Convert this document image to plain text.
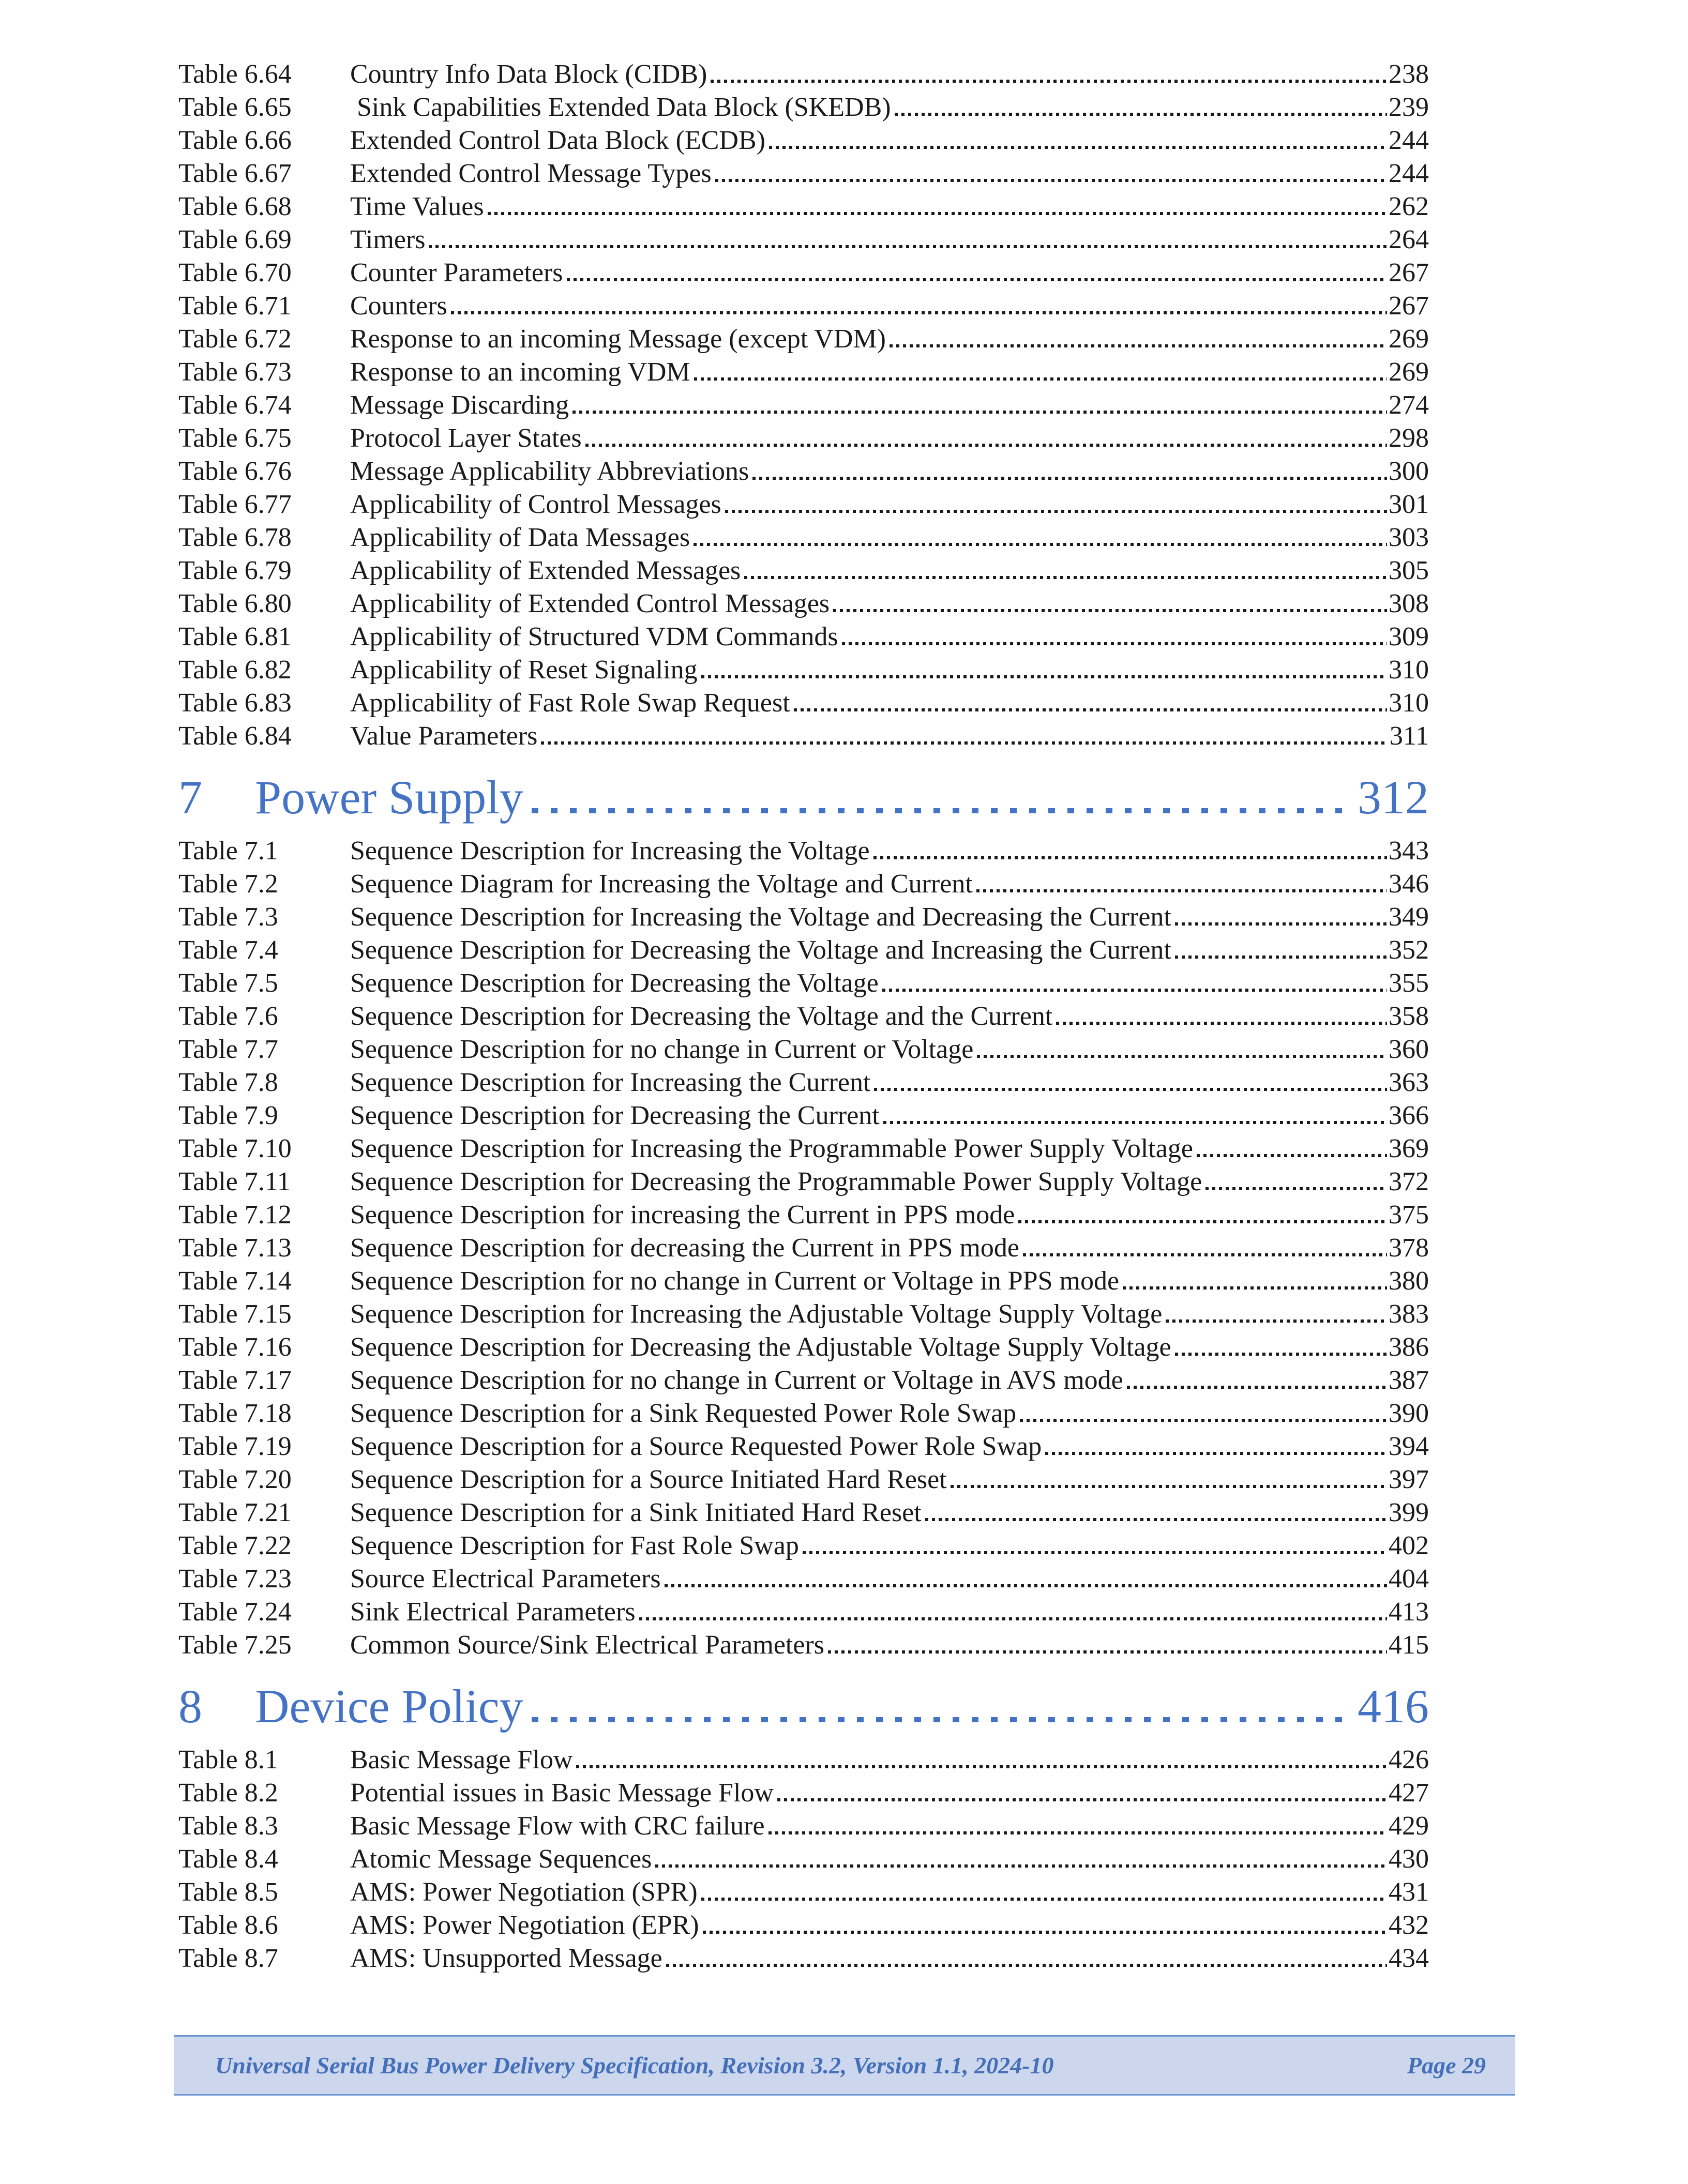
Table 6.64	Country Info Data Block (CIDB)	238
Table 6.65	Sink Capabilities Extended Data Block (SKEDB)	239
Table 6.66	Extended Control Data Block (ECDB)	244
Table 6.67	Extended Control Message Types	244
Table 6.68	Time Values	262
Table 6.69	Timers	264
Table 6.70	Counter Parameters	267
Table 6.71	Counters	267
Table 6.72	Response to an incoming Message (except VDM)	269
Table 6.73	Response to an incoming VDM	269
Table 6.74	Message Discarding	274
Table 6.75	Protocol Layer States	298
Table 6.76	Message Applicability Abbreviations	300
Table 6.77	Applicability of Control Messages	301
Table 6.78	Applicability of Data Messages	303
Table 6.79	Applicability of Extended Messages	305
Table 6.80	Applicability of Extended Control Messages	308
Table 6.81	Applicability of Structured VDM Commands	309
Table 6.82	Applicability of Reset Signaling	310
Table 6.83	Applicability of Fast Role Swap Request	310
Table 6.84	Value Parameters	311
7	Power Supply	312
Table 7.1	Sequence Description for Increasing the Voltage	343
Table 7.2	Sequence Diagram for Increasing the Voltage and Current	346
Table 7.3	Sequence Description for Increasing the Voltage and Decreasing the Current	349
Table 7.4	Sequence Description for Decreasing the Voltage and Increasing the Current	352
Table 7.5	Sequence Description for Decreasing the Voltage	355
Table 7.6	Sequence Description for Decreasing the Voltage and the Current	358
Table 7.7	Sequence Description for no change in Current or Voltage	360
Table 7.8	Sequence Description for Increasing the Current	363
Table 7.9	Sequence Description for Decreasing the Current	366
Table 7.10	Sequence Description for Increasing the Programmable Power Supply Voltage	369
Table 7.11	Sequence Description for Decreasing the Programmable Power Supply Voltage	372
Table 7.12	Sequence Description for increasing the Current in PPS mode	375
Table 7.13	Sequence Description for decreasing the Current in PPS mode	378
Table 7.14	Sequence Description for no change in Current or Voltage in PPS mode	380
Table 7.15	Sequence Description for Increasing the Adjustable Voltage Supply Voltage	383
Table 7.16	Sequence Description for Decreasing the Adjustable Voltage Supply Voltage	386
Table 7.17	Sequence Description for no change in Current or Voltage in AVS mode	387
Table 7.18	Sequence Description for a Sink Requested Power Role Swap	390
Table 7.19	Sequence Description for a Source Requested Power Role Swap	394
Table 7.20	Sequence Description for a Source Initiated Hard Reset	397
Table 7.21	Sequence Description for a Sink Initiated Hard Reset	399
Table 7.22	Sequence Description for Fast Role Swap	402
Table 7.23	Source Electrical Parameters	404
Table 7.24	Sink Electrical Parameters	413
Table 7.25	Common Source/Sink Electrical Parameters	415
8	Device Policy	416
Table 8.1	Basic Message Flow	426
Table 8.2	Potential issues in Basic Message Flow	427
Table 8.3	Basic Message Flow with CRC failure	429
Table 8.4	Atomic Message Sequences	430
Table 8.5	AMS: Power Negotiation (SPR)	431
Table 8.6	AMS: Power Negotiation (EPR)	432
Table 8.7	AMS: Unsupported Message	434
Universal Serial Bus Power Delivery Specification, Revision 3.2, Version 1.1, 2024-10	Page 29
